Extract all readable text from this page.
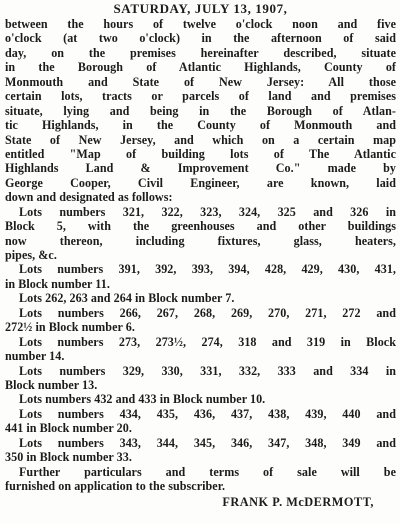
SATURDAY, JULY 13, 1907,
between the hours of twelve o'clock noon and five
o'clock (at two o'clock) in the afternoon of said
day, on the premises hereinafter described, situate
in the Borough of Atlantic Highlands, County of
Monmouth and State of New Jersey: All those
certain lots, tracts or parcels of land and premises
situate, lying and being in the Borough of Atlan-
tic Highlands, in the County of Monmouth and
State of New Jersey, and which on a certain map
entitled "Map of building lots of The Atlantic
Highlands Land & Improvement Co." made by
George Cooper, Civil Engineer, are known, laid
down and designated as follows:
Lots numbers 321, 322, 323, 324, 325 and 326 in
Block 5, with the greenhouses and other buildings
now thereon, including fixtures, glass, heaters,
pipes, &c.
Lots numbers 391, 392, 393, 394, 428, 429, 430, 431,
in Block number 11.
Lots 262, 263 and 264 in Block number 7.
Lots numbers 266, 267, 268, 269, 270, 271, 272 and
272½ in Block number 6.
Lots numbers 273, 273½, 274, 318 and 319 in Block
number 14.
Lots numbers 329, 330, 331, 332, 333 and 334 in
Block number 13.
Lots numbers 432 and 433 in Block number 10.
Lots numbers 434, 435, 436, 437, 438, 439, 440 and
441 in Block number 20.
Lots numbers 343, 344, 345, 346, 347, 348, 349 and
350 in Block number 33.
Further particulars and terms of sale will be
furnished on application to the subscriber.
FRANK P. McDERMOTT,
